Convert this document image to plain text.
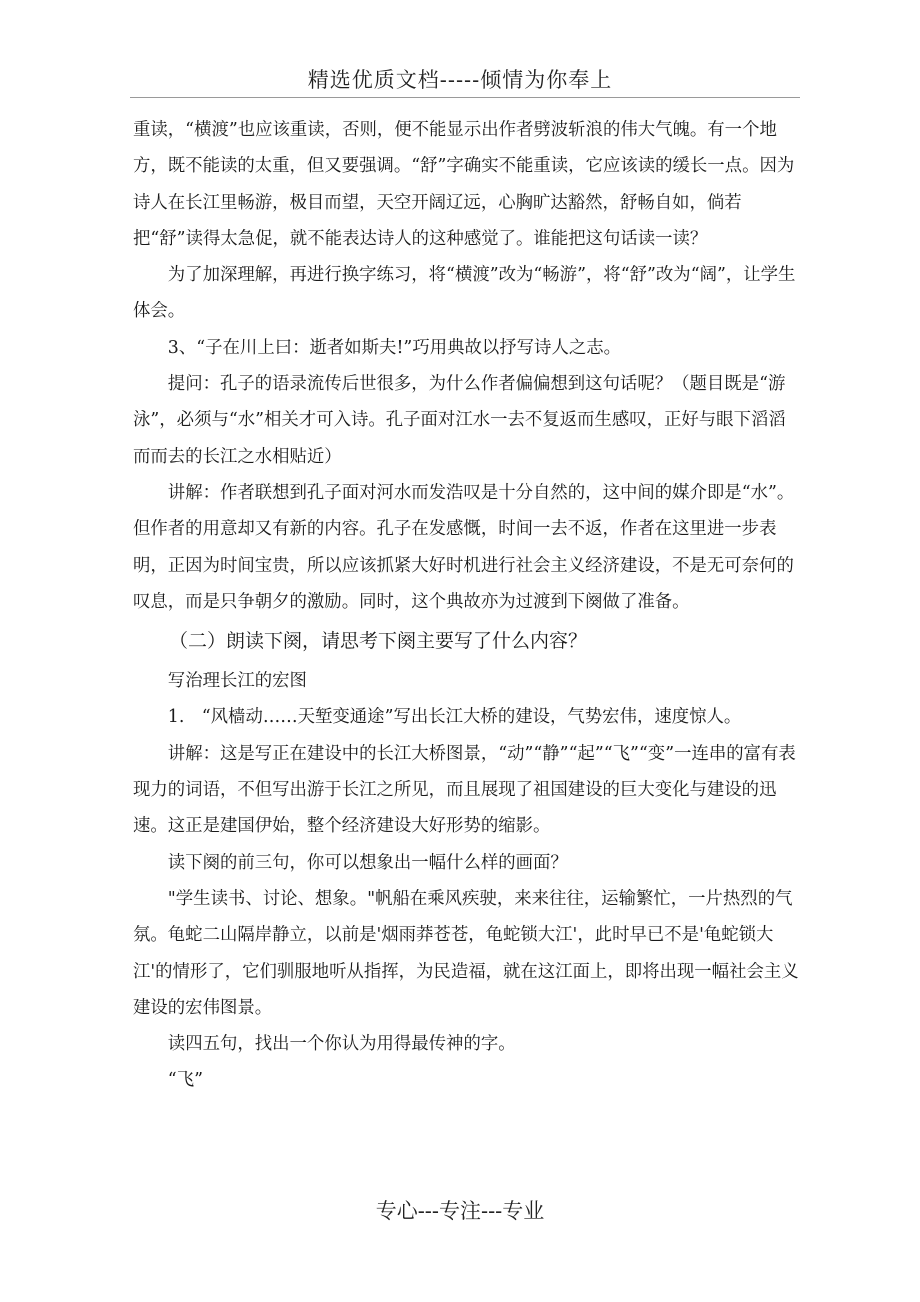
精选优质文档-----倾情为你奉上

重读，“横渡”也应该重读，否则，便不能显示出作者劈波斩浪的伟大气魄。有一个地方，既不能读的太重，但又要强调。“舒”字确实不能重读，它应该读的缓长一点。因为诗人在长江里畅游，极目而望，天空开阔辽远，心胸旷达豁然，舒畅自如，倘若把“舒”读得太急促，就不能表达诗人的这种感觉了。谁能把这句话读一读？

为了加深理解，再进行换字练习，将“横渡”改为“畅游”，将“舒”改为“阔”，让学生体会。

3、“子在川上曰：逝者如斯夫!”巧用典故以抒写诗人之志。

提问：孔子的语录流传后世很多，为什么作者偏偏想到这句话呢？（题目既是“游泳”，必须与“水”相关才可入诗。孔子面对江水一去不复返而生感叹，正好与眼下滔滔而而去的长江之水相贴近）

讲解：作者联想到孔子面对河水而发浩叹是十分自然的，这中间的媒介即是“水”。但作者的用意却又有新的内容。孔子在发感慨，时间一去不返，作者在这里进一步表明，正因为时间宝贵，所以应该抓紧大好时机进行社会主义经济建设，不是无可奈何的叹息，而是只争朝夕的激励。同时，这个典故亦为过渡到下阕做了准备。

（二）朗读下阕，请思考下阕主要写了什么内容？

写治理长江的宏图

1.　“风樯动……天堑变通途”写出长江大桥的建设，气势宏伟，速度惊人。

讲解：这是写正在建设中的长江大桥图景，“动”“静”“起”“飞”“变”一连串的富有表现力的词语，不但写出游于长江之所见，而且展现了祖国建设的巨大变化与建设的迅速。这正是建国伊始，整个经济建设大好形势的缩影。

读下阕的前三句，你可以想象出一幅什么样的画面？

"学生读书、讨论、想象。"帆船在乘风疾驶，来来往往，运输繁忙，一片热烈的气氛。龟蛇二山隔岸静立，以前是'烟雨莽苍苍，龟蛇锁大江'，此时早已不是'龟蛇锁大江'的情形了，它们驯服地听从指挥，为民造福，就在这江面上，即将出现一幅社会主义建设的宏伟图景。

读四五句，找出一个你认为用得最传神的字。

“飞”

专心---专注---专业
